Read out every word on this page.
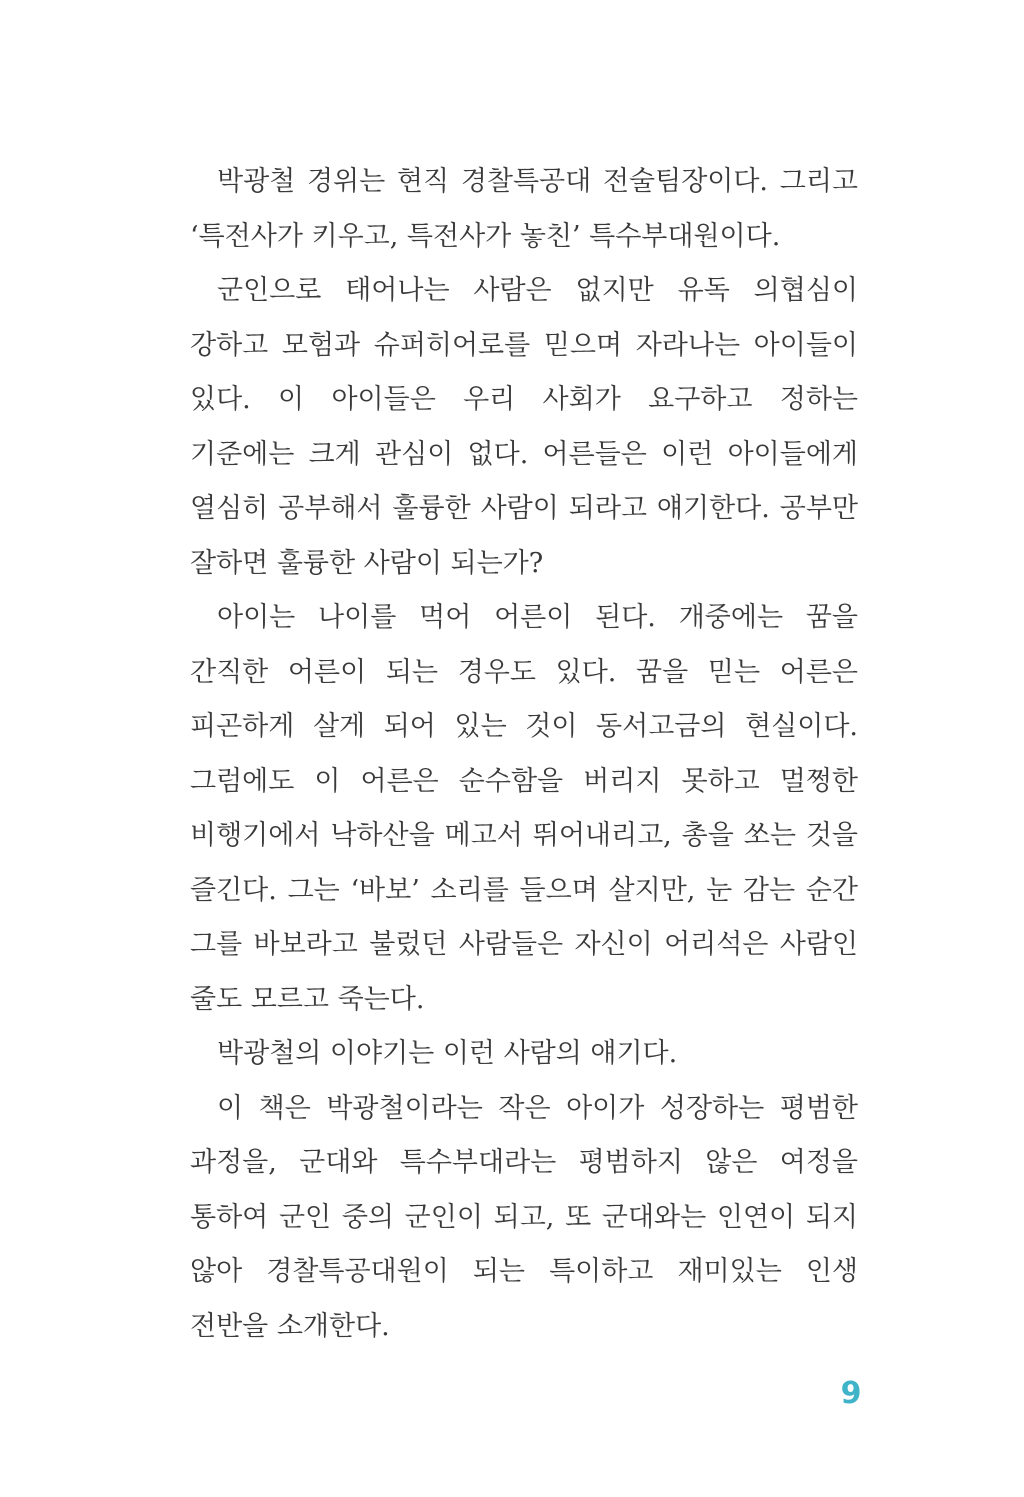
박광철 경위는 현직 경찰특공대 전술팀장이다. 그리고 ‘특전사가 키우고, 특전사가 놓친’ 특수부대원이다.

군인으로 태어나는 사람은 없지만 유독 의협심이 강하고 모험과 슈퍼히어로를 믿으며 자라나는 아이들이 있다. 이 아이들은 우리 사회가 요구하고 정하는 기준에는 크게 관심이 없다. 어른들은 이런 아이들에게 열심히 공부해서 훌륭한 사람이 되라고 얘기한다. 공부만 잘하면 훌륭한 사람이 되는가?

아이는 나이를 먹어 어른이 된다. 개중에는 꿈을 간직한 어른이 되는 경우도 있다. 꿈을 믿는 어른은 피곤하게 살게 되어 있는 것이 동서고금의 현실이다. 그럼에도 이 어른은 순수함을 버리지 못하고 멀쩡한 비행기에서 낙하산을 메고서 뛰어내리고, 총을 쏘는 것을 즐긴다. 그는 ‘바보’ 소리를 들으며 살지만, 눈 감는 순간 그를 바보라고 불렀던 사람들은 자신이 어리석은 사람인 줄도 모르고 죽는다.

박광철의 이야기는 이런 사람의 얘기다.

이 책은 박광철이라는 작은 아이가 성장하는 평범한 과정을, 군대와 특수부대라는 평범하지 않은 여정을 통하여 군인 중의 군인이 되고, 또 군대와는 인연이 되지 않아 경찰특공대원이 되는 특이하고 재미있는 인생 전반을 소개한다.

9
